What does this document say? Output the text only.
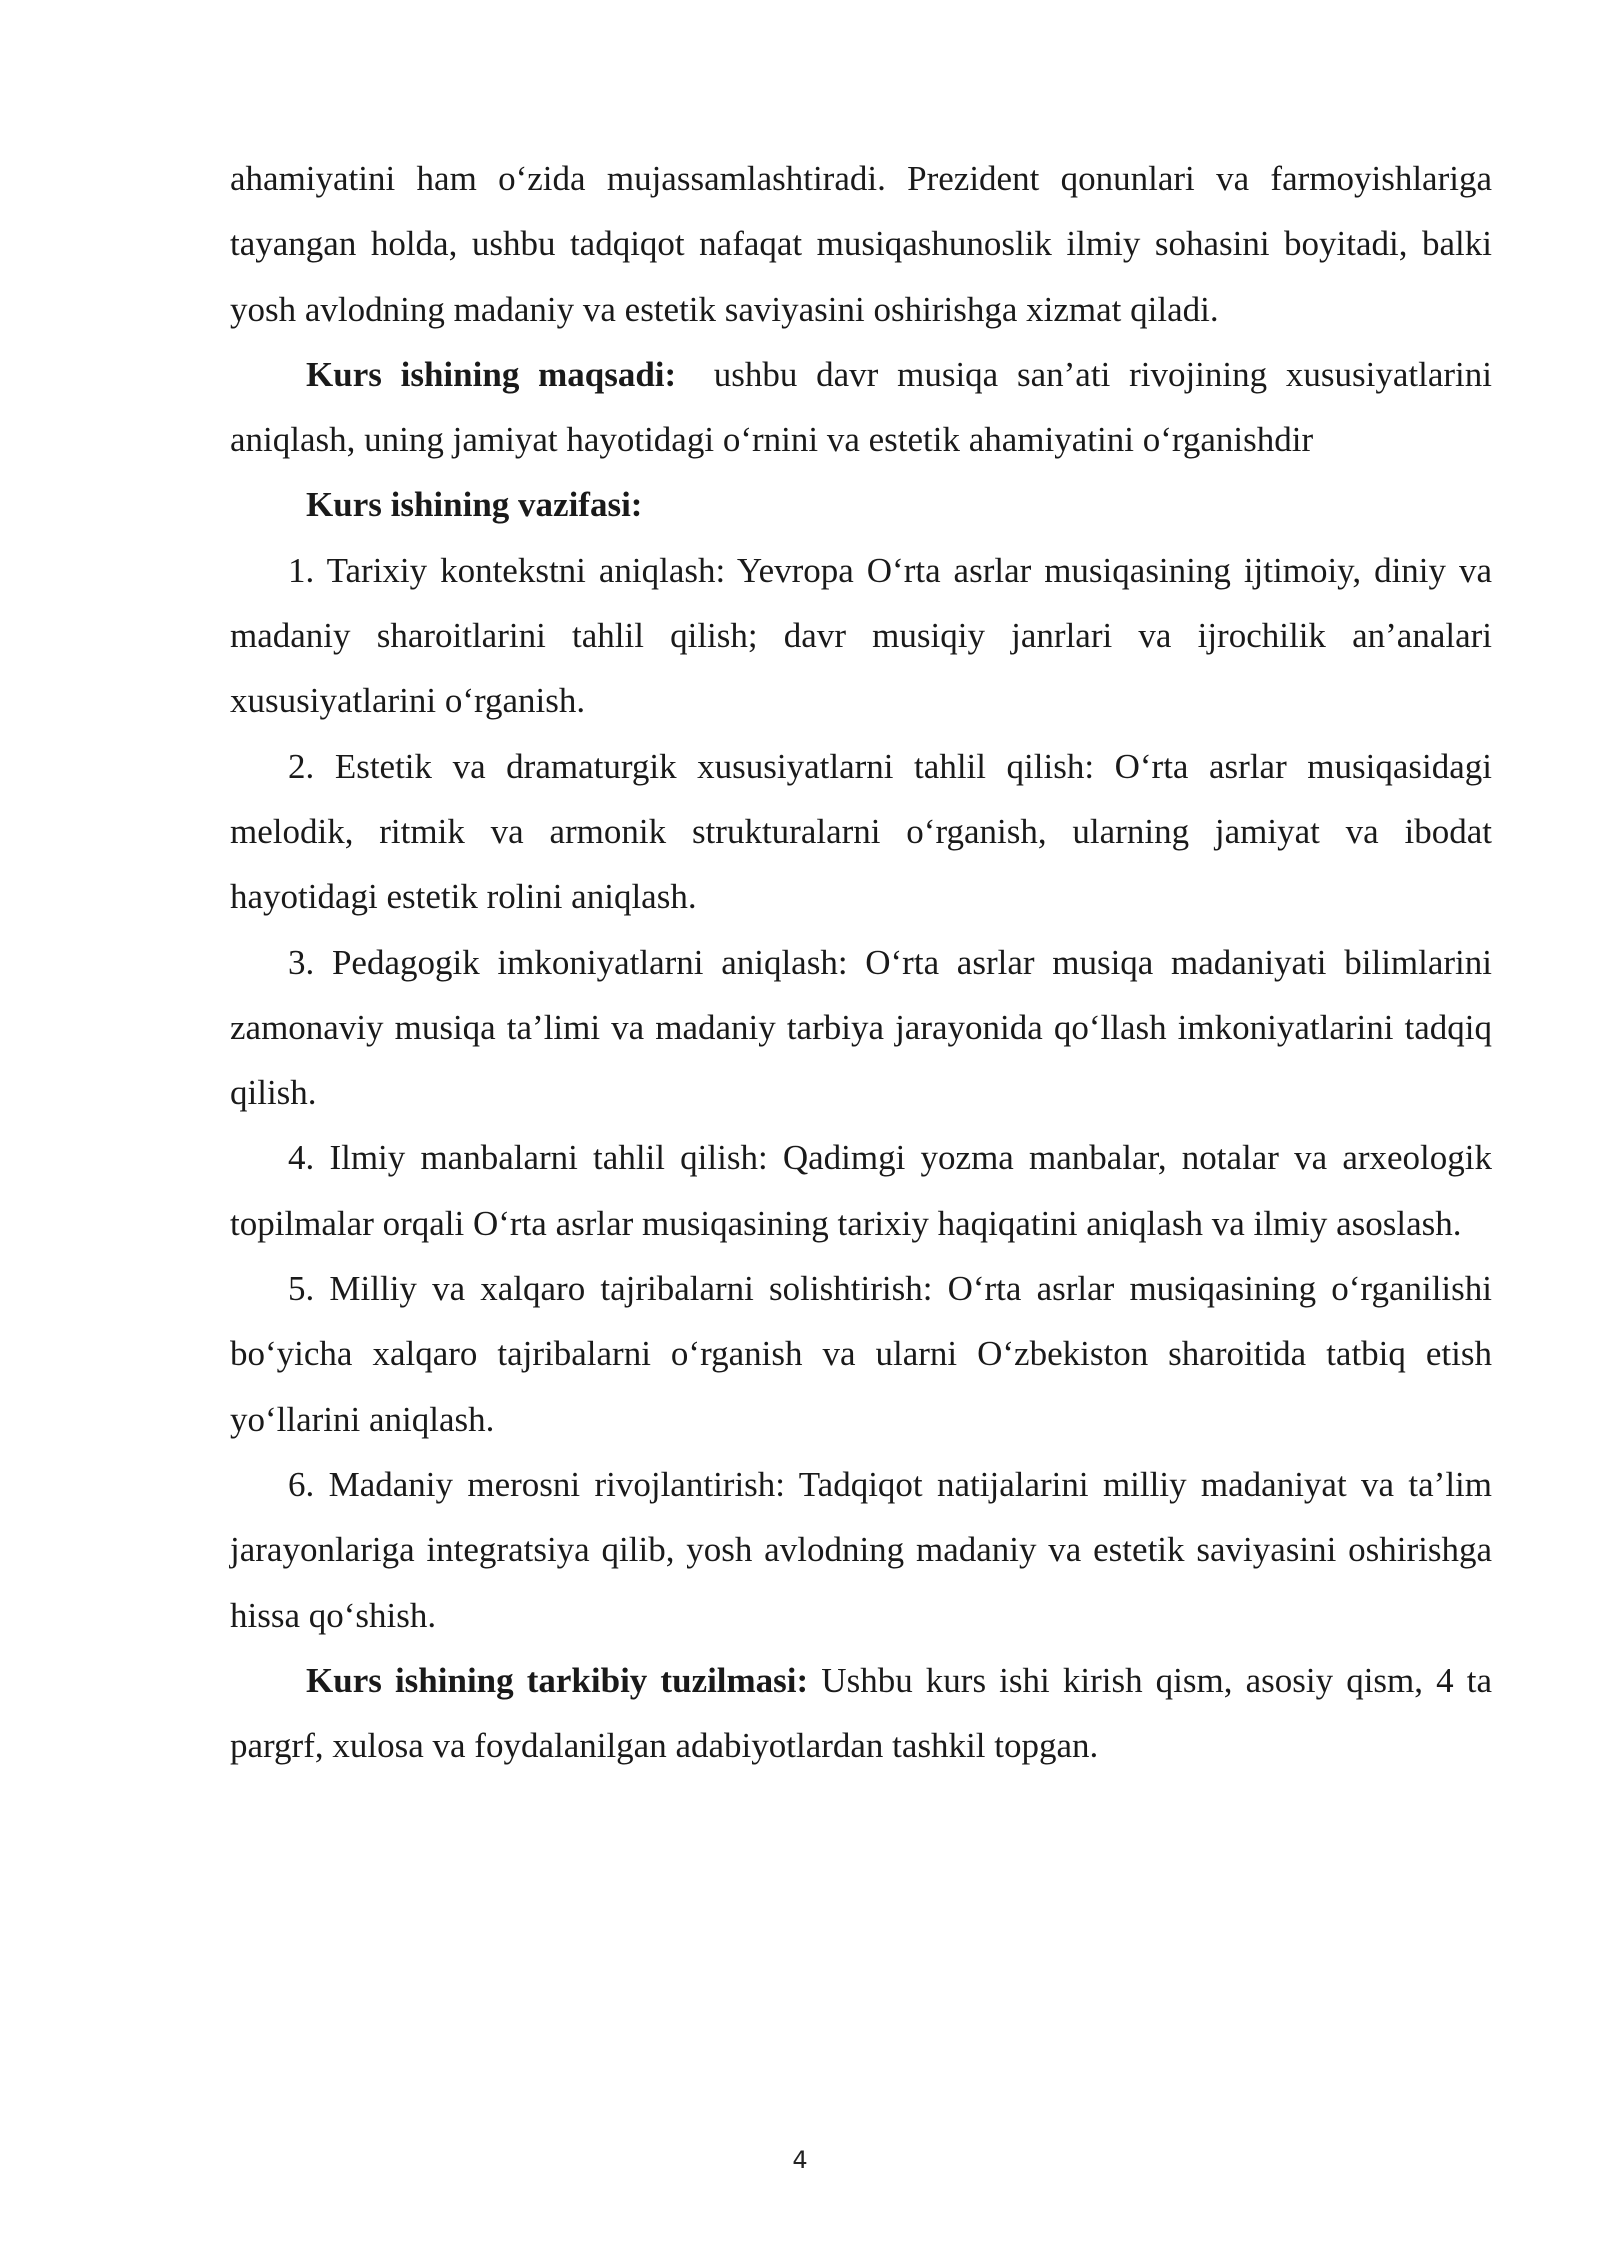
ahamiyatini ham o‘zida mujassamlashtiradi. Prezident qonunlari va farmoyishlariga tayangan holda, ushbu tadqiqot nafaqat musiqashunoslik ilmiy sohasini boyitadi, balki yosh avlodning madaniy va estetik saviyasini oshirishga xizmat qiladi.

Kurs ishining maqsadi:  ushbu davr musiqa san’ati rivojining xususiyatlarini aniqlash, uning jamiyat hayotidagi o‘rnini va estetik ahamiyatini o‘rganishdir

Kurs ishining vazifasi:

1. Tarixiy kontekstni aniqlash: Yevropa O‘rta asrlar musiqasining ijtimoiy, diniy va madaniy sharoitlarini tahlil qilish; davr musiqiy janrlari va ijrochilik an’analari xususiyatlarini o‘rganish.

2. Estetik va dramaturgik xususiyatlarni tahlil qilish: O‘rta asrlar musiqasidagi melodik, ritmik va armonik strukturalarni o‘rganish, ularning jamiyat va ibodat hayotidagi estetik rolini aniqlash.

3. Pedagogik imkoniyatlarni aniqlash: O‘rta asrlar musiqa madaniyati bilimlarini zamonaviy musiqa ta’limi va madaniy tarbiya jarayonida qo‘llash imkoniyatlarini tadqiq qilish.

4. Ilmiy manbalarni tahlil qilish: Qadimgi yozma manbalar, notalar va arxeologik topilmalar orqali O‘rta asrlar musiqasining tarixiy haqiqatini aniqlash va ilmiy asoslash.

5. Milliy va xalqaro tajribalarni solishtirish: O‘rta asrlar musiqasining o‘rganilishi bo‘yicha xalqaro tajribalarni o‘rganish va ularni O‘zbekiston sharoitida tatbiq etish yo‘llarini aniqlash.

6. Madaniy merosni rivojlantirish: Tadqiqot natijalarini milliy madaniyat va ta’lim jarayonlariga integratsiya qilib, yosh avlodning madaniy va estetik saviyasini oshirishga hissa qo‘shish.

Kurs ishining tarkibiy tuzilmasi: Ushbu kurs ishi kirish qism, asosiy qism, 4 ta pargrf, xulosa va foydalanilgan adabiyotlardan tashkil topgan.

4
